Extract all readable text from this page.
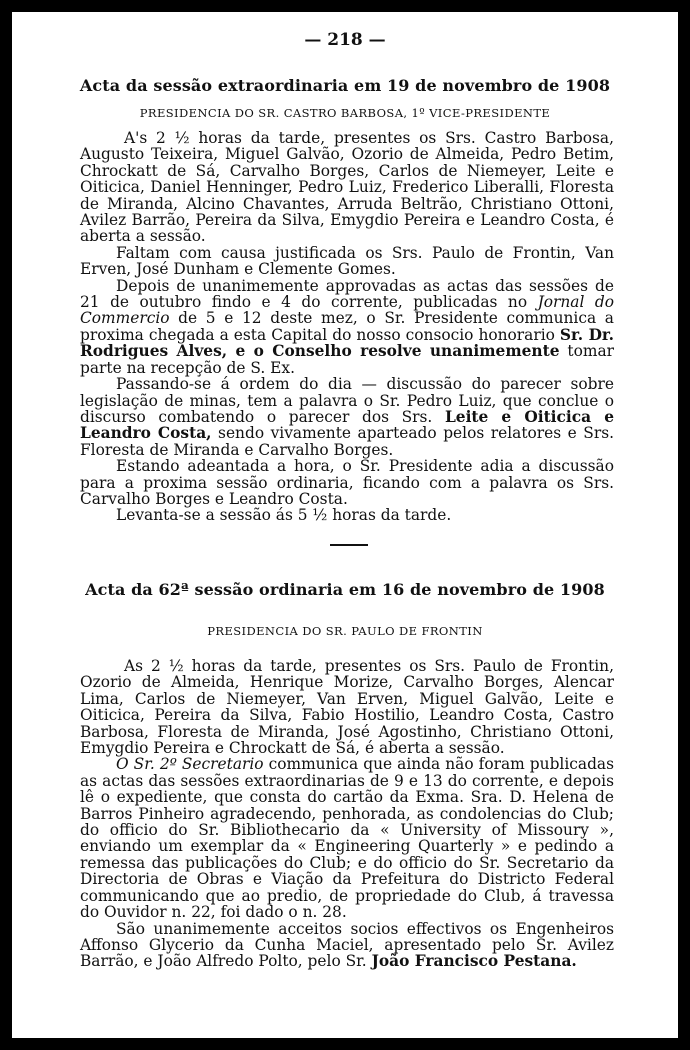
— 218 —
Acta da sessão extraordinaria em 19 de novembro de 1908
PRESIDENCIA DO SR. CASTRO BARBOSA, 1º VICE-PRESIDENTE

A's 2 ½ horas da tarde, presentes os Srs. Castro Barbosa, Augusto Teixeira, Miguel Galvão, Ozorio de Almeida, Pedro Betim, Chrockatt de Sá, Carvalho Borges, Carlos de Niemeyer, Leite e Oiticica, Daniel Henninger, Pedro Luiz, Frederico Liberalli, Floresta de Miranda, Alcino Chavantes, Arruda Beltrão, Christiano Ottoni, Avilez Barrão, Pereira da Silva, Emygdio Pereira e Leandro Costa, é aberta a sessão.

Faltam com causa justificada os Srs. Paulo de Frontin, Van Erven, José Dunham e Clemente Gomes.

Depois de unanimemente approvadas as actas das sessões de 21 de outubro findo e 4 do corrente, publicadas no Jornal do Commercio de 5 e 12 deste mez, o Sr. Presidente communica a proxima chegada a esta Capital do nosso consocio honorario Sr. Dr. Rodrigues Alves, e o Conselho resolve unanimemente tomar parte na recepção de S. Ex.

Passando-se á ordem do dia — discussão do parecer sobre legislação de minas, tem a palavra o Sr. Pedro Luiz, que conclue o discurso combatendo o parecer dos Srs. Leite e Oiticica e Leandro Costa, sendo vivamente aparteado pelos relatores e Srs. Floresta de Miranda e Carvalho Borges.

Estando adeantada a hora, o Sr. Presidente adia a discussão para a proxima sessão ordinaria, ficando com a palavra os Srs. Carvalho Borges e Leandro Costa.

Levanta-se a sessão ás 5 ½ horas da tarde.

Acta da 62ª sessão ordinaria em 16 de novembro de 1908
PRESIDENCIA DO SR. PAULO DE FRONTIN

As 2 ½ horas da tarde, presentes os Srs. Paulo de Frontin, Ozorio de Almeida, Henrique Morize, Carvalho Borges, Alencar Lima, Carlos de Niemeyer, Van Erven, Miguel Galvão, Leite e Oiticica, Pereira da Silva, Fabio Hostilio, Leandro Costa, Castro Barbosa, Floresta de Miranda, José Agostinho, Christiano Ottoni, Emygdio Pereira e Chrockatt de Sá, é aberta a sessão.

O Sr. 2º Secretario communica que ainda não foram publicadas as actas das sessões extraordinarias de 9 e 13 do corrente, e depois lê o expediente, que consta do cartão da Exma. Sra. D. Helena de Barros Pinheiro agradecendo, penhorada, as condolencias do Club; do officio do Sr. Bibliothecario da « University of Missoury », enviando um exemplar da « Engineering Quarterly » e pedindo a remessa das publicações do Club; e do officio do Sr. Secretario da Directoria de Obras e Viação da Prefeitura do Districto Federal communicando que ao predio, de propriedade do Club, á travessa do Ouvidor n. 22, foi dado o n. 28.

São unanimemente acceitos socios effectivos os Engenheiros Affonso Glycerio da Cunha Maciel, apresentado pelo Sr. Avilez Barrão, e João Alfredo Polto, pelo Sr. João Francisco Pestana.
